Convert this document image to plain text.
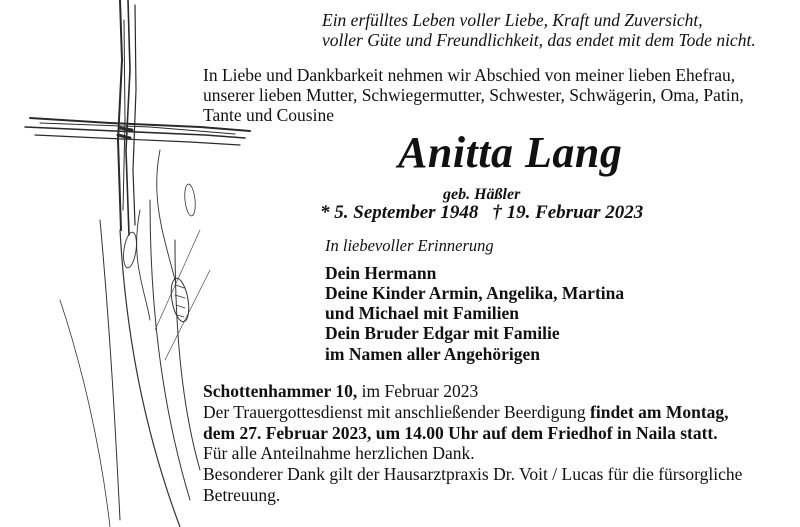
Ein erfülltes Leben voller Liebe, Kraft und Zuversicht,
voller Güte und Freundlichkeit, das endet mit dem Tode nicht.
In Liebe und Dankbarkeit nehmen wir Abschied von meiner lieben Ehefrau,
unserer lieben Mutter, Schwiegermutter, Schwester, Schwägerin, Oma, Patin,
Tante und Cousine
Anitta Lang
geb. Häßler
* 5. September 1948 † 19. Februar 2023
In liebevoller Erinnerung
Dein Hermann
Deine Kinder Armin, Angelika, Martina
und Michael mit Familien
Dein Bruder Edgar mit Familie
im Namen aller Angehörigen
Schottenhammer 10, im Februar 2023
Der Trauergottesdienst mit anschließender Beerdigung findet am Montag,
dem 27. Februar 2023, um 14.00 Uhr auf dem Friedhof in Naila statt.
Für alle Anteilnahme herzlichen Dank.
Besonderer Dank gilt der Hausarztpraxis Dr. Voit / Lucas für die fürsorgliche
Betreuung.
